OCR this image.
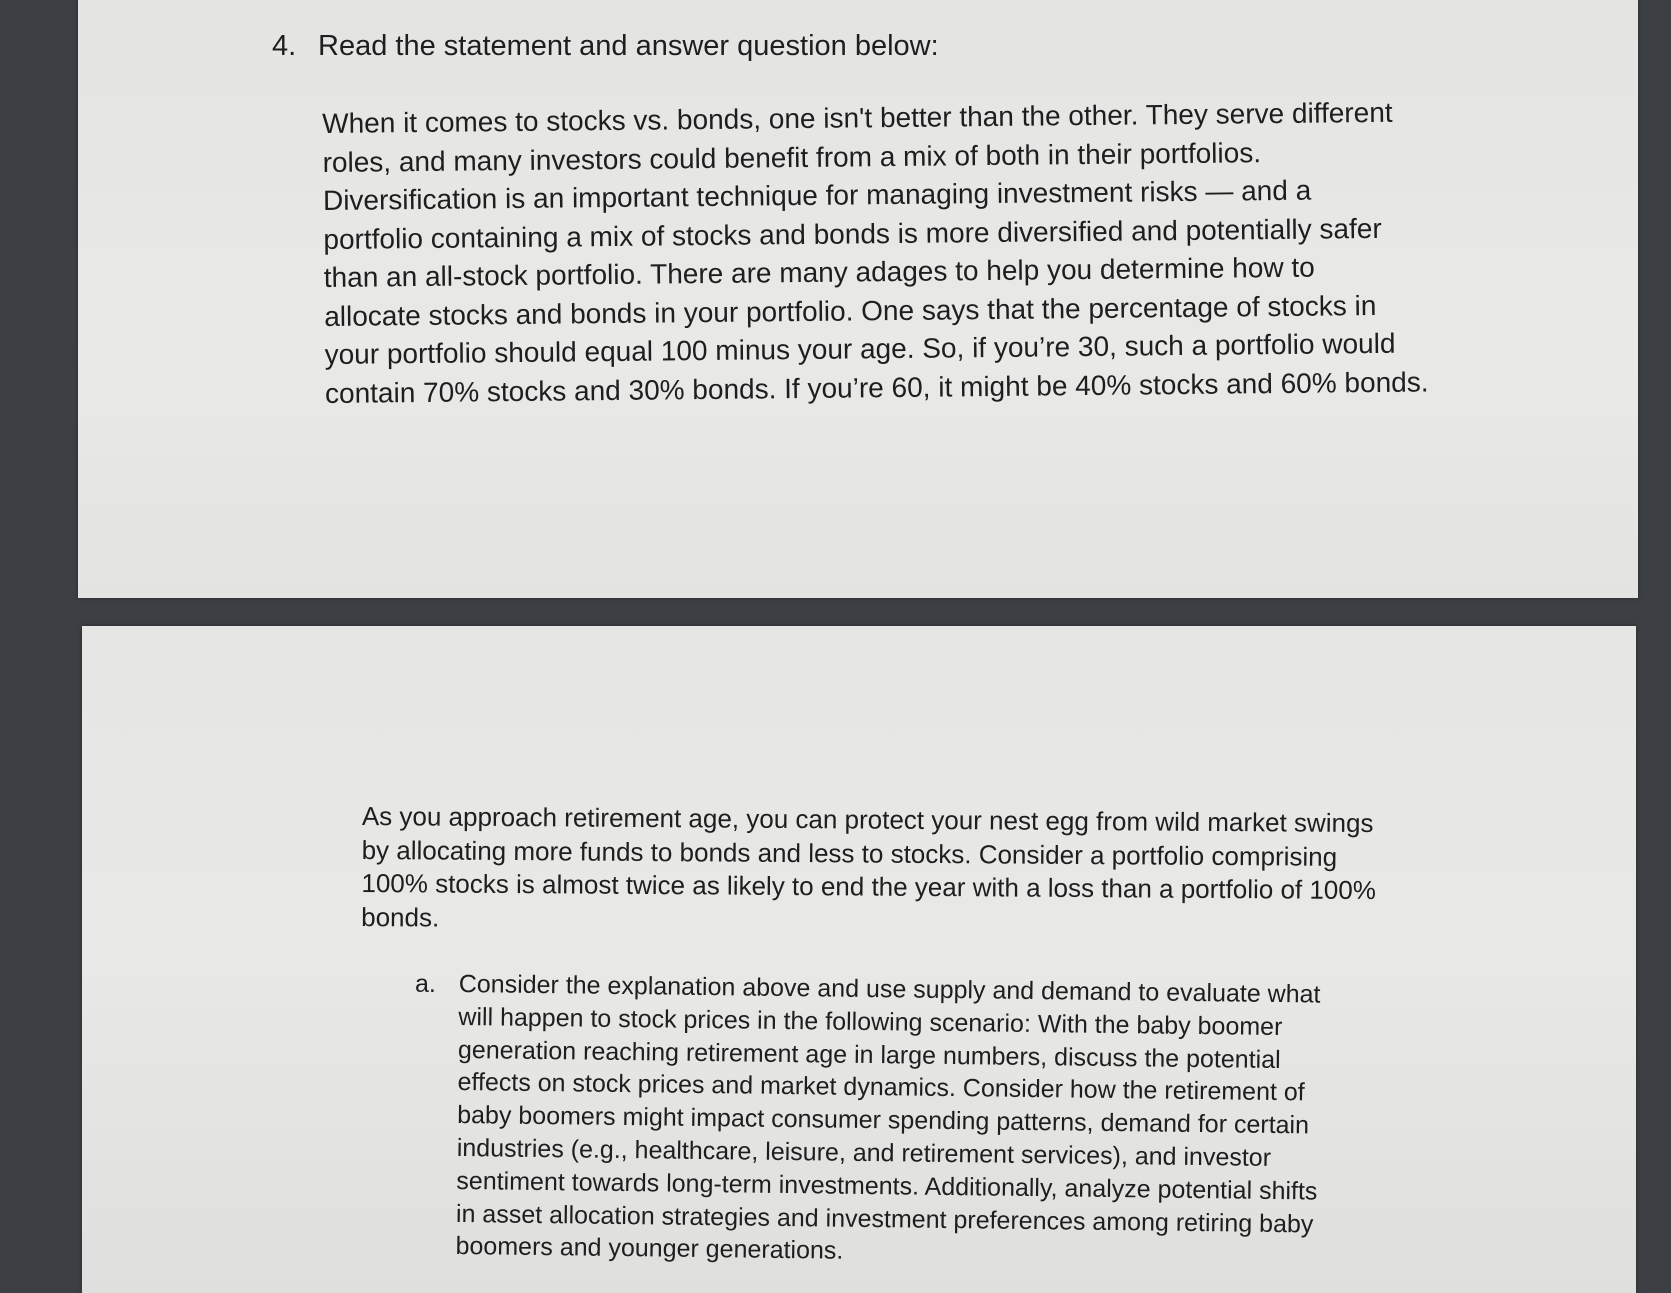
4. Read the statement and answer question below:

When it comes to stocks vs. bonds, one isn't better than the other. They serve different
roles, and many investors could benefit from a mix of both in their portfolios.
Diversification is an important technique for managing investment risks — and a
portfolio containing a mix of stocks and bonds is more diversified and potentially safer
than an all-stock portfolio. There are many adages to help you determine how to
allocate stocks and bonds in your portfolio. One says that the percentage of stocks in
your portfolio should equal 100 minus your age. So, if you’re 30, such a portfolio would
contain 70% stocks and 30% bonds. If you’re 60, it might be 40% stocks and 60% bonds.

As you approach retirement age, you can protect your nest egg from wild market swings
by allocating more funds to bonds and less to stocks. Consider a portfolio comprising
100% stocks is almost twice as likely to end the year with a loss than a portfolio of 100%
bonds.

a. Consider the explanation above and use supply and demand to evaluate what
will happen to stock prices in the following scenario: With the baby boomer
generation reaching retirement age in large numbers, discuss the potential
effects on stock prices and market dynamics. Consider how the retirement of
baby boomers might impact consumer spending patterns, demand for certain
industries (e.g., healthcare, leisure, and retirement services), and investor
sentiment towards long-term investments. Additionally, analyze potential shifts
in asset allocation strategies and investment preferences among retiring baby
boomers and younger generations.
